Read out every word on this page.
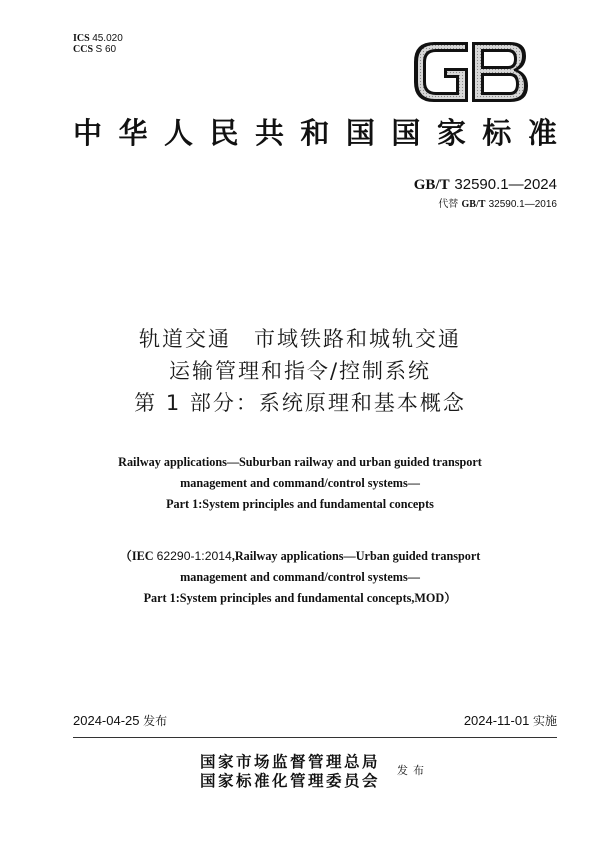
ICS 45.020
CCS S 60
中 华 人 民 共 和 国 国 家 标 准
GB/T 32590.1—2024
代替 GB/T 32590.1—2016
轨道交通　市域铁路和城轨交通
运输管理和指令/控制系统
第 1 部分：系统原理和基本概念
Railway applications—Suburban railway and urban guided transport
management and command/control systems—
Part 1:System principles and fundamental concepts
（IEC 62290-1:2014,Railway applications—Urban guided transport
management and command/control systems—
Part 1:System principles and fundamental concepts,MOD）
2024-04-25 发布	2024-11-01 实施
国家市场监督管理总局
国家标准化管理委员会
发布
